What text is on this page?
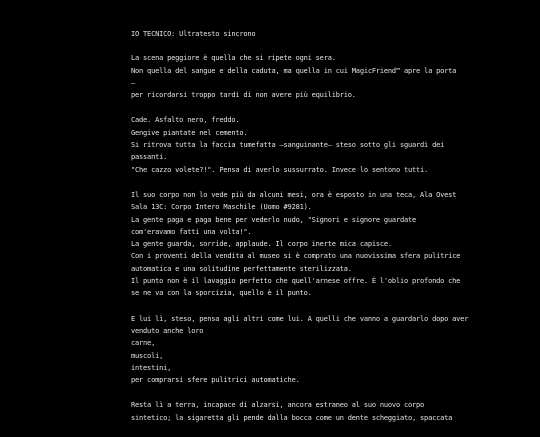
IO TECNICO: Ultratesto sincrono
La scena peggiore è quella che si ripete ogni sera.
Non quella del sangue e della caduta, ma quella in cui MagicFriend™ apre la porta
—
per ricordarsi troppo tardi di non avere più equilibrio.
Cade. Asfalto nero, freddo.
Gengive piantate nel cemento.
Si ritrova tutta la faccia tumefatta —sanguinante— steso sotto gli sguardi dei
passanti.
"Che cazzo volete?!". Pensa di averlo sussurrato. Invece lo sentono tutti.
Il suo corpo non lo vede più da alcuni mesi, ora è esposto in una teca, Ala Ovest
Sala 13C: Corpo Intero Maschile (Uomo #9281).
La gente paga e paga bene per vederlo nudo, "Signori e signore guardate
com'eravamo fatti una volta!".
La gente guarda, sorride, applaude. Il corpo inerte mica capisce.
Con i proventi della vendita al museo si è comprato una nuovissima sfera pulitrice
automatica e una solitudine perfettamente sterilizzata.
Il punto non è il lavaggio perfetto che quell'arnese offre. È l'oblio profondo che
se ne va con la sporcizia, quello è il punto.
E lui lì, steso, pensa agli altri come lui. A quelli che vanno a guardarlo dopo aver
venduto anche loro
carne,
muscoli,
intestini,
per comprarsi sfere pulitrici automatiche.
Resta lì a terra, incapace di alzarsi, ancora estraneo al suo nuovo corpo
sintetico; la sigaretta gli pende dalla bocca come un dente scheggiato, spaccata
